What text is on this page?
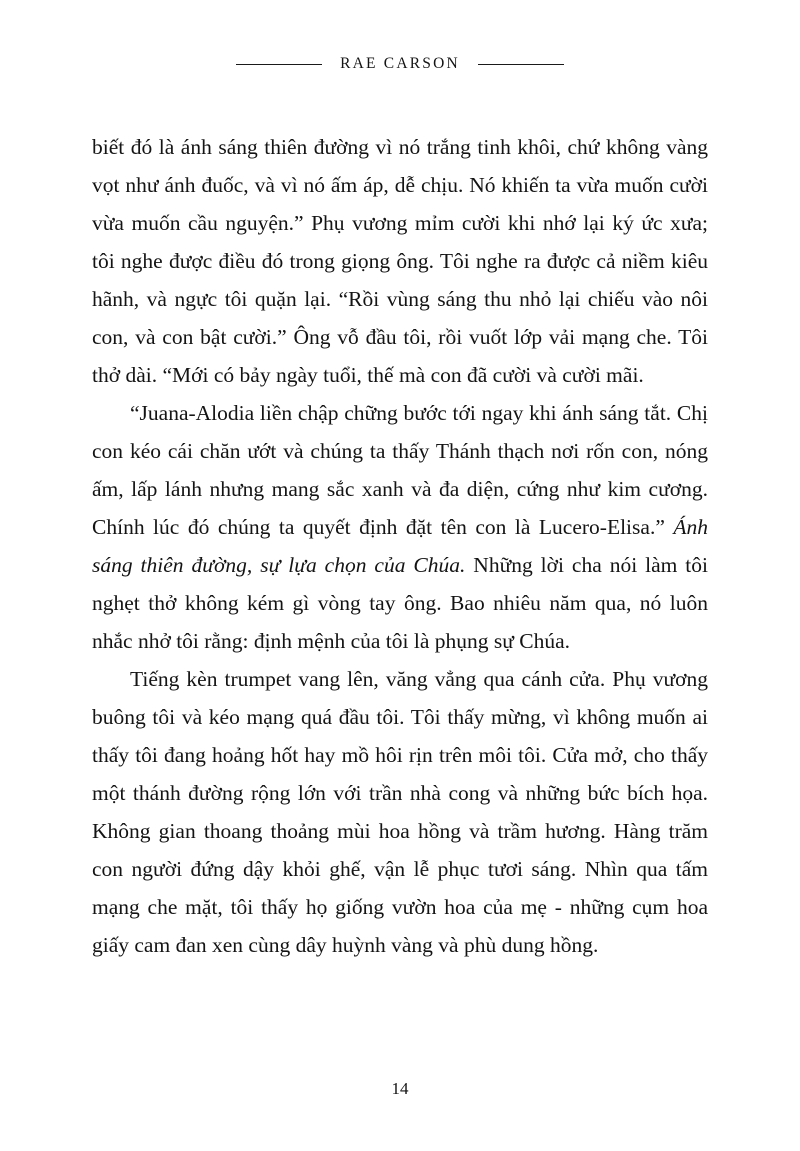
RAE CARSON

biết đó là ánh sáng thiên đường vì nó trắng tinh khôi, chứ không vàng vọt như ánh đuốc, và vì nó ấm áp, dễ chịu. Nó khiến ta vừa muốn cười vừa muốn cầu nguyện.” Phụ vương mỉm cười khi nhớ lại ký ức xưa; tôi nghe được điều đó trong giọng ông. Tôi nghe ra được cả niềm kiêu hãnh, và ngực tôi quặn lại. “Rồi vùng sáng thu nhỏ lại chiếu vào nôi con, và con bật cười.” Ông vỗ đầu tôi, rồi vuốt lớp vải mạng che. Tôi thở dài. “Mới có bảy ngày tuổi, thế mà con đã cười và cười mãi.

“Juana-Alodia liền chập chững bước tới ngay khi ánh sáng tắt. Chị con kéo cái chăn ướt và chúng ta thấy Thánh thạch nơi rốn con, nóng ấm, lấp lánh nhưng mang sắc xanh và đa diện, cứng như kim cương. Chính lúc đó chúng ta quyết định đặt tên con là Lucero-Elisa.” Ánh sáng thiên đường, sự lựa chọn của Chúa. Những lời cha nói làm tôi nghẹt thở không kém gì vòng tay ông. Bao nhiêu năm qua, nó luôn nhắc nhở tôi rằng: định mệnh của tôi là phụng sự Chúa.

Tiếng kèn trumpet vang lên, văng vẳng qua cánh cửa. Phụ vương buông tôi và kéo mạng quá đầu tôi. Tôi thấy mừng, vì không muốn ai thấy tôi đang hoảng hốt hay mồ hôi rịn trên môi tôi. Cửa mở, cho thấy một thánh đường rộng lớn với trần nhà cong và những bức bích họa. Không gian thoang thoảng mùi hoa hồng và trầm hương. Hàng trăm con người đứng dậy khỏi ghế, vận lễ phục tươi sáng. Nhìn qua tấm mạng che mặt, tôi thấy họ giống vườn hoa của mẹ - những cụm hoa giấy cam đan xen cùng dây huỳnh vàng và phù dung hồng.

14
